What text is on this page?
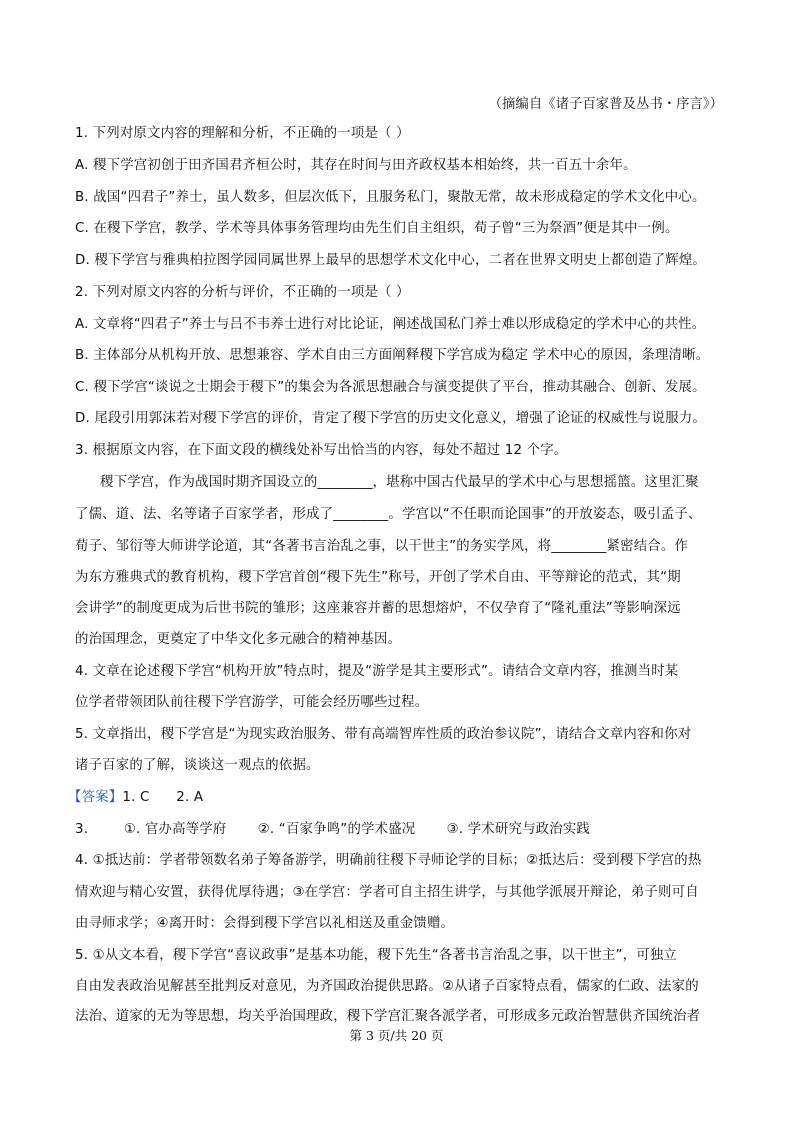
（摘编自《诸子百家普及丛书・序言》）
1. 下列对原文内容的理解和分析，不正确的一项是（ ）
A. 稷下学宫初创于田齐国君齐桓公时，其存在时间与田齐政权基本相始终，共一百五十余年。
B. 战国“四君子”养士，虽人数多，但层次低下，且服务私门，聚散无常，故未形成稳定的学术文化中心。
C. 在稷下学宫，教学、学术等具体事务管理均由先生们自主组织，荀子曾“三为祭酒”便是其中一例。
D. 稷下学宫与雅典柏拉图学园同属世界上最早的思想学术文化中心，二者在世界文明史上都创造了辉煌。
2. 下列对原文内容的分析与评价，不正确的一项是（ ）
A. 文章将“四君子”养士与吕不韦养士进行对比论证，阐述战国私门养士难以形成稳定的学术中心的共性。
B. 主体部分从机构开放、思想兼容、学术自由三方面阐释稷下学宫成为稳定 学术中心的原因，条理清晰。
C. 稷下学宫“谈说之士期会于稷下”的集会为各派思想融合与演变提供了平台，推动其融合、创新、发展。
D. 尾段引用郭沫若对稷下学宫的评价，肯定了稷下学宫的历史文化意义，增强了论证的权威性与说服力。
3. 根据原文内容，在下面文段的横线处补写出恰当的内容，每处不超过 12 个字。
稷下学宫，作为战国时期齐国设立的________，堪称中国古代最早的学术中心与思想摇篮。这里汇聚
了儒、道、法、名等诸子百家学者，形成了________。学宫以“不任职而论国事”的开放姿态，吸引孟子、
荀子、邹衍等大师讲学论道，其“各著书言治乱之事，以干世主”的务实学风，将________紧密结合。作
为东方雅典式的教育机构，稷下学宫首创“稷下先生”称号，开创了学术自由、平等辩论的范式，其“期
会讲学”的制度更成为后世书院的雏形；这座兼容并蓄的思想熔炉，不仅孕育了“隆礼重法”等影响深远
的治国理念，更奠定了中华文化多元融合的精神基因。
4. 文章在论述稷下学宫“机构开放”特点时，提及“游学是其主要形式”。请结合文章内容，推测当时某
位学者带领团队前往稷下学宫游学，可能会经历哪些过程。
5. 文章指出，稷下学宫是“为现实政治服务、带有高端智库性质的政治参议院”，请结合文章内容和你对
诸子百家的了解，谈谈这一观点的依据。
【答案】1. C      2. A
3.        ①. 官办高等学府       ②. “百家争鸣”的学术盛况       ③. 学术研究与政治实践
4. ①抵达前：学者带领数名弟子筹备游学，明确前往稷下寻师论学的目标；②抵达后：受到稷下学宫的热
情欢迎与精心安置，获得优厚待遇；③在学宫：学者可自主招生讲学，与其他学派展开辩论，弟子则可自
由寻师求学；④离开时：会得到稷下学宫以礼相送及重金馈赠。
5. ①从文本看，稷下学宫“喜议政事”是基本功能，稷下先生“各著书言治乱之事，以干世主”，可独立
自由发表政治见解甚至批判反对意见，为齐国政治提供思路。②从诸子百家特点看，儒家的仁政、法家的
法治、道家的无为等思想，均关乎治国理政，稷下学宫汇聚各派学者，可形成多元政治智慧供齐国统治者
第 3 页/共 20 页
